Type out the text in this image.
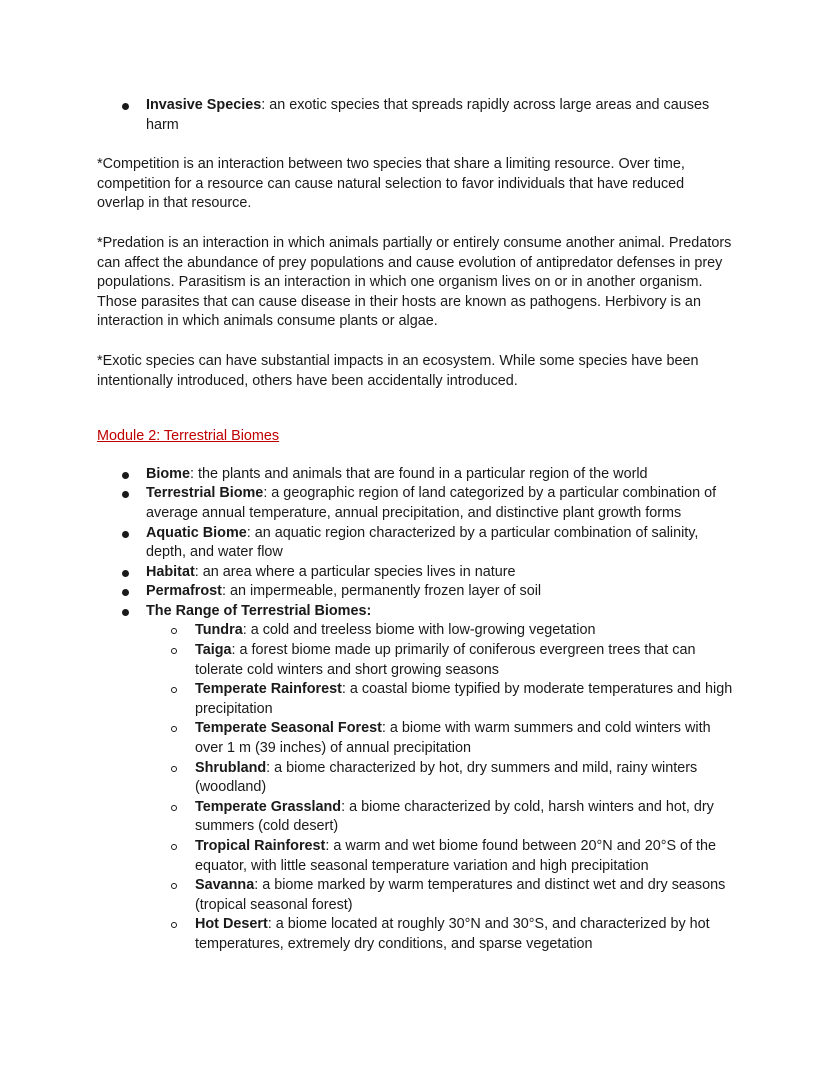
Invasive Species: an exotic species that spreads rapidly across large areas and causes harm

*Competition is an interaction between two species that share a limiting resource. Over time, competition for a resource can cause natural selection to favor individuals that have reduced overlap in that resource.

*Predation is an interaction in which animals partially or entirely consume another animal. Predators can affect the abundance of prey populations and cause evolution of antipredator defenses in prey populations. Parasitism is an interaction in which one organism lives on or in another organism. Those parasites that can cause disease in their hosts are known as pathogens. Herbivory is an interaction in which animals consume plants or algae.

*Exotic species can have substantial impacts in an ecosystem. While some species have been intentionally introduced, others have been accidentally introduced.

Module 2: Terrestrial Biomes

Biome: the plants and animals that are found in a particular region of the world
Terrestrial Biome: a geographic region of land categorized by a particular combination of average annual temperature, annual precipitation, and distinctive plant growth forms
Aquatic Biome: an aquatic region characterized by a particular combination of salinity, depth, and water flow
Habitat: an area where a particular species lives in nature
Permafrost: an impermeable, permanently frozen layer of soil
The Range of Terrestrial Biomes:
Tundra: a cold and treeless biome with low-growing vegetation
Taiga: a forest biome made up primarily of coniferous evergreen trees that can tolerate cold winters and short growing seasons
Temperate Rainforest: a coastal biome typified by moderate temperatures and high precipitation
Temperate Seasonal Forest: a biome with warm summers and cold winters with over 1 m (39 inches) of annual precipitation
Shrubland: a biome characterized by hot, dry summers and mild, rainy winters (woodland)
Temperate Grassland: a biome characterized by cold, harsh winters and hot, dry summers (cold desert)
Tropical Rainforest: a warm and wet biome found between 20°N and 20°S of the equator, with little seasonal temperature variation and high precipitation
Savanna: a biome marked by warm temperatures and distinct wet and dry seasons (tropical seasonal forest)
Hot Desert: a biome located at roughly 30°N and 30°S, and characterized by hot temperatures, extremely dry conditions, and sparse vegetation
